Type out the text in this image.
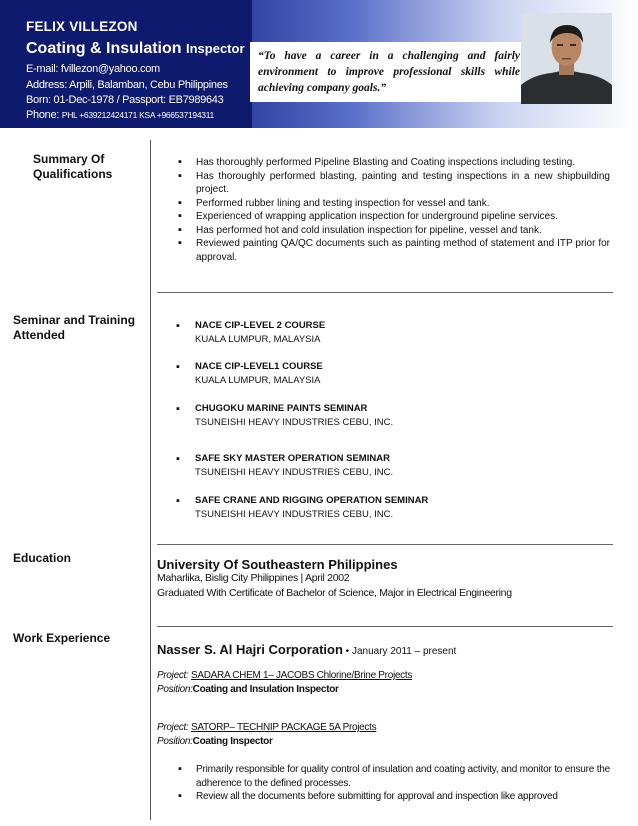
FELIX VILLEZON
Coating & Insulation Inspector
E-mail: fvillezon@yahoo.com
Address: Arpili, Balamban, Cebu Philippines
Born: 01-Dec-1978 / Passport: EB7989643
Phone: PHL +639212424171 KSA +966537194311
“To have a career in a challenging and fairly environment to improve professional skills while achieving company goals.”
Summary Of
Qualifications
▪ Has thoroughly performed Pipeline Blasting and Coating inspections including testing.
▪ Has thoroughly performed blasting, painting and testing inspections in a new shipbuilding project.
▪ Performed rubber lining and testing inspection for vessel and tank.
▪ Experienced of wrapping application inspection for underground pipeline services.
▪ Has performed hot and cold insulation inspection for pipeline, vessel and tank.
▪ Reviewed painting QA/QC documents such as painting method of statement and ITP prior for approval.
Seminar and Training
Attended
▪ NACE CIP-LEVEL 2 COURSE
KUALA LUMPUR, MALAYSIA
▪ NACE CIP-LEVEL1 COURSE
KUALA LUMPUR, MALAYSIA
▪ CHUGOKU MARINE PAINTS SEMINAR
TSUNEISHI HEAVY INDUSTRIES CEBU, INC.
▪ SAFE SKY MASTER OPERATION SEMINAR
TSUNEISHI HEAVY INDUSTRIES CEBU, INC.
▪ SAFE CRANE AND RIGGING OPERATION SEMINAR
TSUNEISHI HEAVY INDUSTRIES CEBU, INC.
Education	University Of Southeastern Philippines
Maharlika, Bislig City Philippines | April 2002
Graduated With Certificate of Bachelor of Science, Major in Electrical Engineering
Work Experience
Nasser S. Al Hajri Corporation • January 2011 – present
Project: SADARA CHEM 1– JACOBS Chlorine/Brine Projects
Position:Coating and Insulation Inspector
Project: SATORP– TECHNIP PACKAGE 5A Projects
Position:Coating Inspector
▪ Primarily responsible for quality control of insulation and coating activity, and monitor to ensure the adherence to the defined processes.
▪ Review all the documents before submitting for approval and inspection like approved
